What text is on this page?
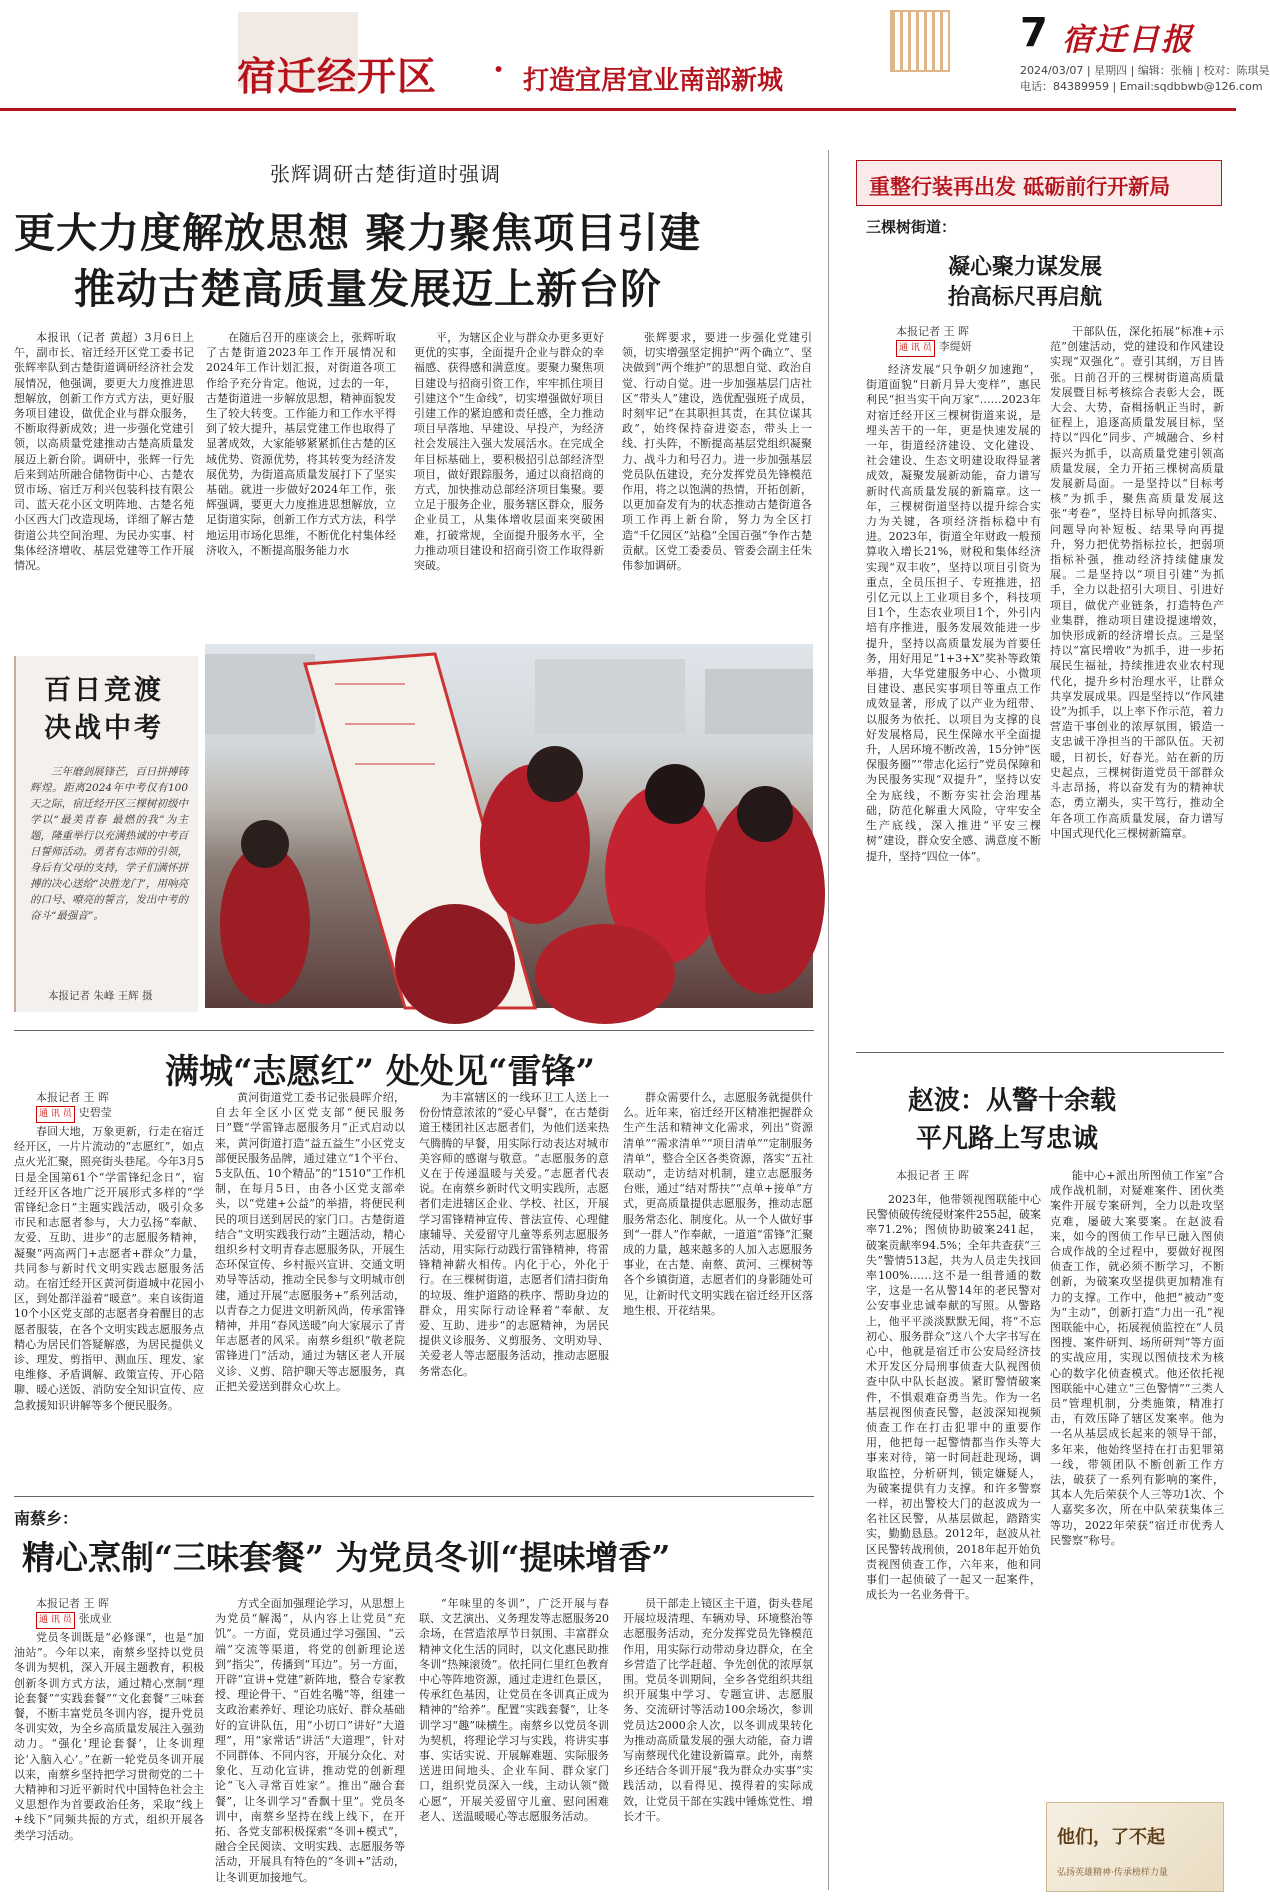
宿迁经开区 · 打造宜居宜业南部新城
7 宿迁日报
2024/03/07 | 星期四 | 编辑：张楠 | 校对：陈琪昊
电话：84389959 | Email:sqdbbwb@126.com
张辉调研古楚街道时强调
更大力度解放思想 聚力聚焦项目引建
推动古楚高质量发展迈上新台阶

本报讯（记者 黄超）3月6日上午，副市长、宿迁经开区党工委书记张辉率队到古楚街道调研经济社会发展情况，他强调，要更大力度推进思想解放，创新工作方式方法，更好服务项目建设，做优企业与群众服务，不断取得新成效；进一步强化党建引领，以高质量党建推动古楚高质量发展迈上新台阶。调研中，张辉一行先后来到站所融合储物街中心、古楚农贸市场、宿迁万利兴包装科技有限公司、蓝天花小区文明阵地、古楚名苑小区西大门改造现场，详细了解古楚街道公共空间治理、为民办实事、村集体经济增收、基层党建等工作开展情况。

在随后召开的座谈会上，张辉听取了古楚街道2023年工作开展情况和2024年工作计划汇报，对街道各项工作给予充分肯定。他说，过去的一年，古楚街道进一步解放思想，精神面貌发生了较大转变。工作能力和工作水平得到了较大提升，基层党建工作也取得了显著成效，大家能够紧紧抓住古楚的区域优势、资源优势，将其转变为经济发展优势，为街道高质量发展打下了坚实基础。就进一步做好2024年工作，张辉强调，要更大力度推进思想解放，立足街道实际，创新工作方式方法，科学地运用市场化思维，不断优化村集体经济收入，不断提高服务能力水

平，为辖区企业与群众办更多更好更优的实事，全面提升企业与群众的幸福感、获得感和满意度。要聚力聚焦项目建设与招商引资工作，牢牢抓住项目引建这个“生命线”，切实增强做好项目引建工作的紧迫感和责任感，全力推动项目早落地、早建设、早投产，为经济社会发展注入强大发展活水。在完成全年目标基础上，要积极招引总部经济型项目，做好跟踪服务，通过以商招商的方式，加快推动总部经济项目集聚。要立足于服务企业，服务辖区群众，服务企业员工，从集体增收层面来突破困难，打破常规，全面提升服务水平，全力推动项目建设和招商引资工作取得新突破。

张辉要求，要进一步强化党建引领，切实增强坚定拥护“两个确立”、坚决做到“两个维护”的思想自觉、政治自觉、行动自觉。进一步加强基层门店社区“带头人”建设，选优配强班子成员，时刻牢记“在其职担其责，在其位谋其政”，始终保持奋进姿态，带头上一线、打头阵，不断提高基层党组织凝聚力、战斗力和号召力。进一步加强基层党员队伍建设，充分发挥党员先锋模范作用，将之以饱满的热情，开拓创新，以更加奋发有为的状态推动古楚街道各项工作再上新台阶，努力为全区打造“千亿园区”站稳“全国百强”争作古楚贡献。区党工委委员、管委会副主任朱伟参加调研。

百日竞渡
决战中考
三年磨剑展锋芒，百日拼搏铸辉煌。距离2024年中考仅有100天之际，宿迁经开区三棵树初级中学以“最美青春 最燃的我”为主题，隆重举行以充满热诚的中考百日誓师活动。勇者有志师的引领，身后有父母的支持，学子们满怀拼搏的决心送给“决胜龙门”，用响亮的口号、嘹亮的誓言，发出中考的奋斗“最强音”。
本报记者 朱峰 王辉 摄
满城“志愿红” 处处见“雷锋”
本报记者 王 晖
通 讯 员 史碧莹

春回大地，万象更新，行走在宿迁经开区，一片片流动的“志愿红”，如点点火光汇聚，照亮街头巷尾。今年3月5日是全国第61个“学雷锋纪念日”，宿迁经开区各地广泛开展形式多样的“学雷锋纪念日”主题实践活动，吸引众多市民和志愿者参与，大力弘扬“奉献、友爱、互助、进步”的志愿服务精神，凝聚“两高两门+志愿者+群众”力量，共同参与新时代文明实践志愿服务活动。在宿迁经开区黄河街道城中花园小区，到处都洋溢着“暖意”。来自该街道10个小区党支部的志愿者身着醒目的志愿者服装，在各个文明实践志愿服务点精心为居民们答疑解惑，为居民提供义诊、理发、剪指甲、测血压、理发、家电维修、矛盾调解、政策宣传、开心陪聊、暖心送饭、消防安全知识宣传、应急救援知识讲解等多个便民服务。

黄河街道党工委书记张晨晖介绍，自去年全区小区党支部“便民服务日”暨“学雷锋志愿服务月”正式启动以来，黄河街道打造“益五益生”小区党支部便民服务品牌，通过建立“1个平台、5支队伍、10个精品”的“1510”工作机制，在每月5日，由各小区党支部牵头，以“党建+公益”的举措，将便民利民的项目送到居民的家门口。古楚街道结合“文明实践我行动”主题活动，精心组织乡村文明青春志愿服务队，开展生态环保宣传、乡村振兴宣讲、交通文明劝导等活动，推动全民参与文明城市创建，通过开展“志愿服务+”系列活动，以青春之力促进文明新风尚，传承雷锋精神，并用“春风送暖”向大家展示了青年志愿者的风采。南蔡乡组织“敬老院雷锋进门”活动，通过为辖区老人开展义诊、义剪、陪护聊天等志愿服务，真正把关爱送到群众心坎上。

为丰富辖区的一线环卫工人送上一份份情意浓浓的“爱心早餐”，在古楚街道王楼团社区志愿者们，为他们送来热气腾腾的早餐，用实际行动表达对城市美容师的感谢与敬意。“志愿服务的意义在于传递温暖与关爱。”志愿者代表说。在南蔡乡新时代文明实践所，志愿者们走进辖区企业、学校、社区，开展学习雷锋精神宣传、普法宣传、心理健康辅导、关爱留守儿童等系列志愿服务活动，用实际行动践行雷锋精神，将雷锋精神薪火相传。内化于心，外化于行。在三棵树街道，志愿者们清扫街角的垃圾、维护道路的秩序、帮助身边的群众，用实际行动诠释着“奉献、友爱、互助、进步”的志愿精神，为居民提供义诊服务、义剪服务、文明劝导、关爱老人等志愿服务活动，推动志愿服务常态化。

群众需要什么，志愿服务就提供什么。近年来，宿迁经开区精准把握群众生产生活和精神文化需求，列出“资源清单”“需求清单”“项目清单”“定制服务清单”，整合全区各类资源，落实“五社联动”，走访结对机制，建立志愿服务台账，通过“结对帮扶”“点单+接单”方式，更高质量提供志愿服务，推动志愿服务常态化、制度化。从一个人做好事到“一群人”作奉献，一道道“雷锋”汇聚成的力量，越来越多的人加入志愿服务事业，在古楚、南蔡、黄河、三棵树等各个乡镇街道，志愿者们的身影随处可见，让新时代文明实践在宿迁经开区落地生根、开花结果。

南蔡乡：
精心烹制“三味套餐” 为党员冬训“提味增香”
本报记者 王 晖
通 讯 员 张成业

党员冬训既是“必修课”，也是“加油站”。今年以来，南蔡乡坚持以党员冬训为契机，深入开展主题教育，积极创新冬训方式方法，通过精心烹制“理论套餐”“实践套餐”“文化套餐”三味套餐，不断丰富党员冬训内容，提升党员冬训实效，为全乡高质量发展注入强劲动力。“强化‘理论套餐’，让冬训理论‘入脑入心’。”在新一轮党员冬训开展以来，南蔡乡坚持把学习贯彻党的二十大精神和习近平新时代中国特色社会主义思想作为首要政治任务，采取“线上+线下”同频共振的方式，组织开展各类学习活动。

方式全面加强理论学习，从思想上为党员“解渴”，从内容上让党员“充饥”。一方面，党员通过学习强国、“云端”交流等渠道，将党的创新理论送到“指尖”，传播到“耳边”。另一方面，开辟“宣讲+党建”新阵地，整合专家教授、理论骨干、“百姓名嘴”等，组建一支政治素养好、理论功底好、群众基础好的宣讲队伍，用“小切口”讲好“大道理”，用“家常话”讲活“大道理”，针对不同群体、不同内容，开展分众化、对象化、互动化宣讲，推动党的创新理论“飞入寻常百姓家”。推出“融合套餐”，让冬训学习“香飘十里”。党员冬训中，南蔡乡坚持在线上线下，在开拓、各党支部积极探索“冬训+模式”，融合全民阅读、文明实践、志愿服务等活动，开展具有特色的“冬训+”活动，让冬训更加接地气。

“年味里的冬训”，广泛开展与春联、文艺演出、义务理发等志愿服务20余场，在营造浓厚节日氛围、丰富群众精神文化生活的同时，以文化惠民助推冬训“热辣滚烫”。依托同仁里红色教育中心等阵地资源，通过走进红色景区，传承红色基因，让党员在冬训真正成为精神的“给养”。配置“实践套餐”，让冬训学习“趣”味横生。南蔡乡以党员冬训为契机，将理论学习与实践，将讲实事事、实话实说、开展解难题、实际服务送进田间地头、企业车间、群众家门口，组织党员深入一线，主动认领“微心愿”，开展关爱留守儿童、慰问困难老人、送温暖暖心等志愿服务活动。

员干部走上镜区主干道，街头巷尾开展垃圾清理、车辆劝导、环境整治等志愿服务活动，充分发挥党员先锋模范作用，用实际行动带动身边群众，在全乡营造了比学赶超、争先创优的浓厚氛围。党员冬训期间，全乡各党组织共组织开展集中学习、专题宣讲、志愿服务、交流研讨等活动100余场次，参训党员达2000余人次，以冬训成果转化为推动高质量发展的强大动能，奋力谱写南蔡现代化建设新篇章。此外，南蔡乡还结合冬训开展“我为群众办实事”实践活动，以看得见、摸得着的实际成效，让党员干部在实践中锤炼党性、增长才干。

重整行装再出发 砥砺前行开新局
三棵树街道：
凝心聚力谋发展
抬高标尺再启航
本报记者 王 晖
通 讯 员 李缇妍

经济发展“只争朝夕加速跑”，街道面貌“日新月异大变样”，惠民利民“担当实干向万家”……2023年对宿迁经开区三棵树街道来说，是埋头苦干的一年，更是快速发展的一年，街道经济建设、文化建设、社会建设、生态文明建设取得显著成效，凝聚发展新动能，奋力谱写新时代高质量发展的新篇章。这一年，三棵树街道坚持以提升综合实力为关键，各项经济指标稳中有进。2023年，街道全年财政一般预算收入增长21%，财税和集体经济实现“双丰收”，坚持以项目引资为重点，全员压担子、专班推进，招引亿元以上工业项目多个，科技项目1个，生态农业项目1个，外引内培有序推进，服务发展效能进一步提升，坚持以高质量发展为首要任务，用好用足“1+3+X”奖补等政策举措，大华党建服务中心、小微项目建设、惠民实事项目等重点工作成效显著，形成了以产业为纽带、以服务为依托、以项目为支撑的良好发展格局，民生保障水平全面提升，人居环境不断改善，15分钟“医保服务圈”“带志化运行”党员保障和为民服务实现“双提升”，坚持以安全为底线，不断夯实社会治理基础，防范化解重大风险，守牢安全生产底线，深入推进“平安三棵树”建设，群众安全感、满意度不断提升，坚持“四位一体”。

干部队伍，深化拓展“标准+示范”创建活动，党的建设和作风建设实现“双强化”。壹引其纲，万目皆张。日前召开的三棵树街道高质量发展暨目标考核综合表彰大会，既大会、大势，奋楫扬帆正当时，新征程上，追逐高质量发展目标，坚持以“四化”同步、产城融合、乡村振兴为抓手，以高质量党建引领高质量发展，全力开拓三棵树高质量发展新局面。一是坚持以“目标考核”为抓手，聚焦高质量发展这张“考卷”，坚持目标导向抓落实、问题导向补短板、结果导向再提升，努力把优势指标拉长，把弱项指标补强，推动经济持续健康发展。二是坚持以“项目引建”为抓手，全力以赴招引大项目、引进好项目，做优产业链条，打造特色产业集群，推动项目建设提速增效，加快形成新的经济增长点。三是坚持以“富民增收”为抓手，进一步拓展民生福祉，持续推进农业农村现代化，提升乡村治理水平，让群众共享发展成果。四是坚持以“作风建设”为抓手，以上率下作示范，着力营造干事创业的浓厚氛围，锻造一支忠诚干净担当的干部队伍。天初暖，日初长，好春光。站在新的历史起点，三棵树街道党员干部群众斗志昂扬，将以奋发有为的精神状态，勇立潮头，实干笃行，推动全年各项工作高质量发展，奋力谱写中国式现代化三棵树新篇章。

赵波：从警十余载
平凡路上写忠诚
本报记者 王 晖

2023年，他带领视图联能中心民警侦破传统侵财案件255起，破案率71.2%；图侦协助破案241起，破案贡献率94.5%；全年共查获“三失”警情513起，共为人员走失找回率100%……这不是一组普通的数字，这是一名从警14年的老民警对公安事业忠诚奉献的写照。从警路上，他平平淡淡默默无闻，将“不忘初心、服务群众”这八个大字书写在心中，他就是宿迁市公安局经济技术开发区分局刑事侦查大队视图侦查中队中队长赵波。紧盯警情破案件，不惧艰难奋勇当先。作为一名基层视图侦查民警，赵波深知视频侦查工作在打击犯罪中的重要作用，他把每一起警情都当作头等大事来对待，第一时间赶赴现场，调取监控，分析研判，锁定嫌疑人，为破案提供有力支撑。和许多警察一样，初出警校大门的赵波成为一名社区民警，从基层做起，踏踏实实，勤勤恳恳。2012年，赵波从社区民警转战刑侦，2018年起开始负责视图侦查工作，六年来，他和同事们一起侦破了一起又一起案件，成长为一名业务骨干。

能中心+派出所图侦工作室”合成作战机制，对疑难案件、团伙类案件开展专案研判，全力以赴攻坚克难，屡破大案要案。在赵波看来，如今的图侦工作早已融入图侦合成作战的全过程中，要做好视图侦查工作，就必须不断学习，不断创新，为破案攻坚提供更加精准有力的支撑。工作中，他把“被动”变为“主动”，创新打造“力出一孔”视图联能中心，拓展视侦监控在“人员图搜、案件研判、场所研判”等方面的实战应用，实现以图侦技术为核心的数字化侦查模式。他还依托视图联能中心建立“三色警情”“三类人员”管理机制，分类施策，精准打击，有效压降了辖区发案率。他为一名从基层成长起来的领导干部，多年来，他始终坚持在打击犯罪第一线，带领团队不断创新工作方法，破获了一系列有影响的案件，其本人先后荣获个人三等功1次、个人嘉奖多次，所在中队荣获集体三等功，2022年荣获“宿迁市优秀人民警察”称号。

他们，了不起
弘扬英雄精神·传承榜样力量
